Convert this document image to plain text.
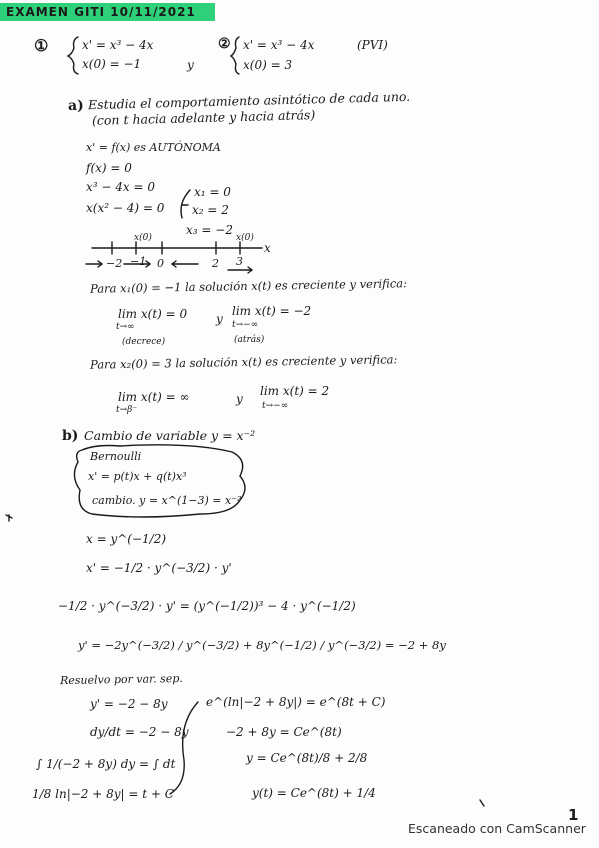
EXAMEN GITI 10/11/2021
①	x' = x³ − 4x
x(0) = −1	y
② x' = x³ − 4x
x(0) = 3
(PVI)
a) Estudia el comportamiento asintótico de cada uno.
(con t hacia adelante y hacia atrás)
x' = f(x) es AUTÓNOMA
f(x) = 0
x³ − 4x = 0
x(x² − 4) = 0
x₁ = 0
x₂ = 2
x₃ = −2
x(0)	x(0)
x
−2 −1 0	2 3
Para x₁(0) = −1 la solución x(t) es creciente y verifica:
lim x(t) = 0
t→∞
(decrece)
y
lim x(t) = −2
t→−∞
(atrás)
Para x₂(0) = 3 la solución x(t) es creciente y verifica:
lim x(t) = ∞
t→β⁻
y
lim x(t) = 2
t→−∞
b) Cambio de variable y = x⁻²
Bernoulli
x' = p(t)x + q(t)x³
cambio. y = x^(1−3) = x⁻²
x = y^(−1/2)
x' = −1/2 · y^(−3/2) · y'
−1/2 · y^(−3/2) · y' = (y^(−1/2))³ − 4 · y^(−1/2)
y' = −2y^(−3/2) / y^(−3/2) + 8y^(−1/2) / y^(−3/2) = −2 + 8y
Resuelvo por var. sep.
y' = −2 − 8y
dy/dt = −2 − 8y
∫ 1/(−2 + 8y) dy = ∫ dt
1/8 ln|−2 + 8y| = t + C
e^(ln|−2 + 8y|) = e^(8t + C)
−2 + 8y = Ce^(8t)
y = Ce^(8t)/8 + 2/8
y(t) = Ce^(8t) + 1/4
1
Escaneado con CamScanner
